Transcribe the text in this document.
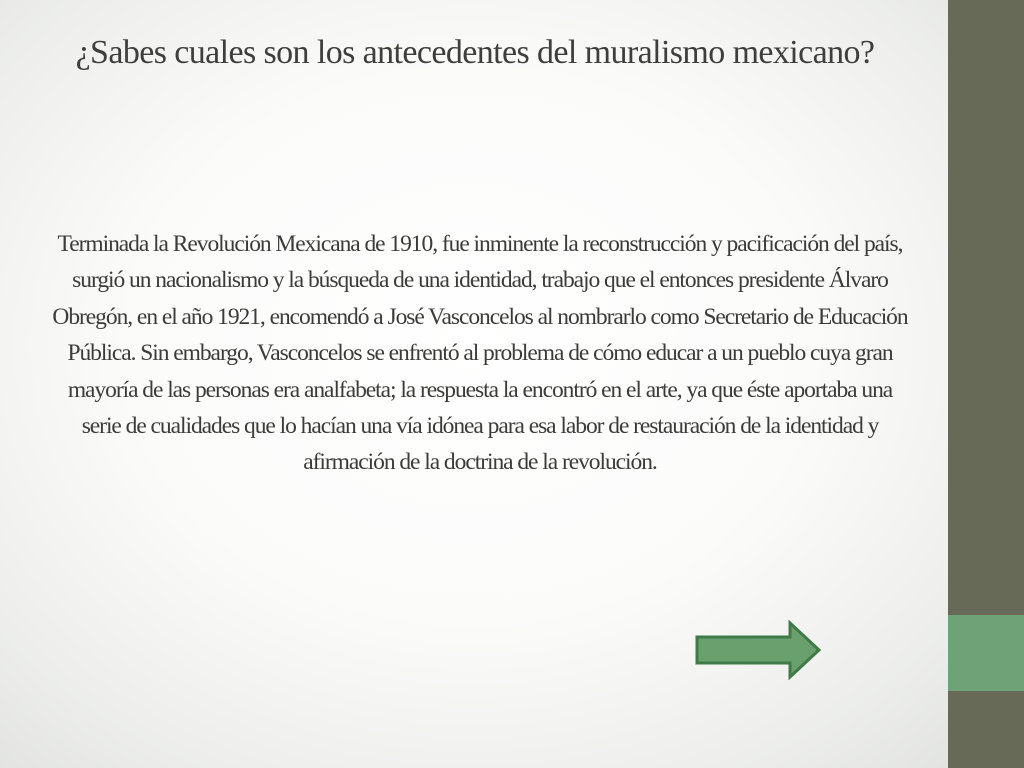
¿Sabes cuales son los antecedentes del muralismo mexicano?

Terminada la Revolución Mexicana de 1910, fue inminente la reconstrucción y pacificación del país, surgió un nacionalismo y la búsqueda de una identidad, trabajo que el entonces presidente Álvaro Obregón, en el año 1921, encomendó a José Vasconcelos al nombrarlo como Secretario de Educación Pública. Sin embargo, Vasconcelos se enfrentó al problema de cómo educar a un pueblo cuya gran mayoría de las personas era analfabeta; la respuesta la encontró en el arte, ya que éste aportaba una serie de cualidades que lo hacían una vía idónea para esa labor de restauración de la identidad y afirmación de la doctrina de la revolución.
